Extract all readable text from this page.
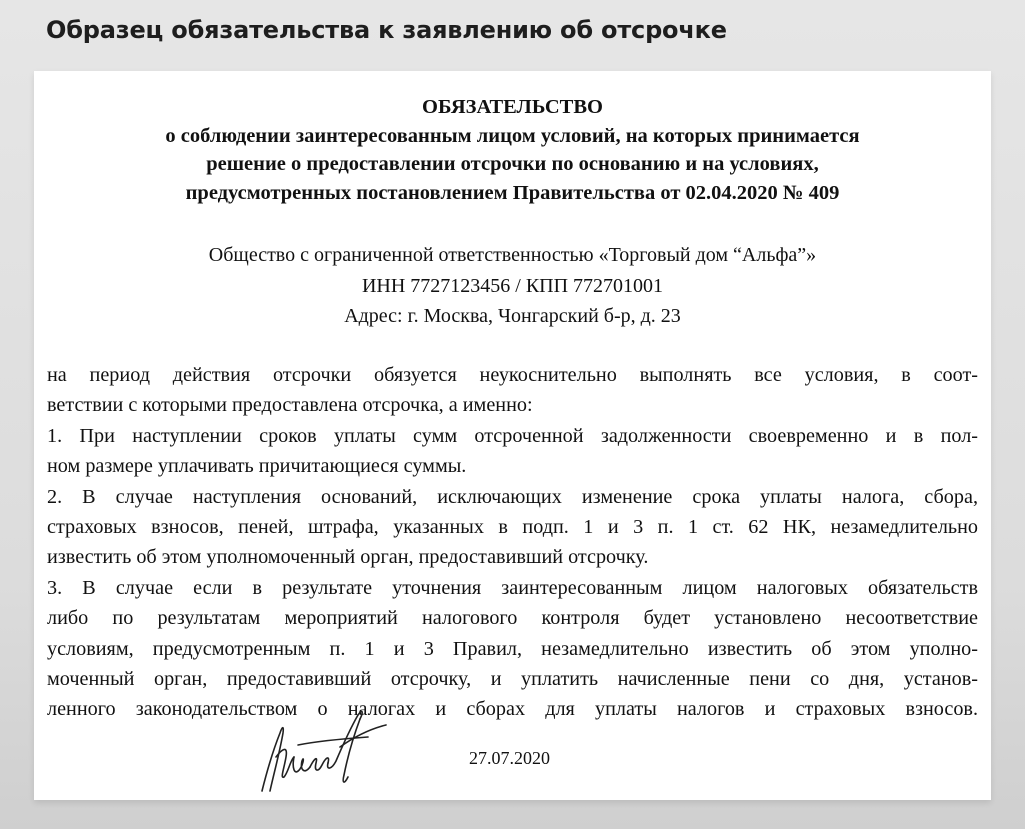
Образец обязательства к заявлению об отсрочке
ОБЯЗАТЕЛЬСТВО
о соблюдении заинтересованным лицом условий, на которых принимается
решение о предоставлении отсрочки по основанию и на условиях,
предусмотренных постановлением Правительства от 02.04.2020 № 409
Общество с ограниченной ответственностью «Торговый дом “Альфа”»
ИНН 7727123456 / КПП 772701001
Адрес: г. Москва, Чонгарский б-р, д. 23
на период действия отсрочки обязуется неукоснительно выполнять все условия, в соот-
ветствии с которыми предоставлена отсрочка, а именно:
1. При наступлении сроков уплаты сумм отсроченной задолженности своевременно и в пол-
ном размере уплачивать причитающиеся суммы.
2. В случае наступления оснований, исключающих изменение срока уплаты налога, сбора,
страховых взносов, пеней, штрафа, указанных в подп. 1 и 3 п. 1 ст. 62 НК, незамедлительно
известить об этом уполномоченный орган, предоставивший отсрочку.
3. В случае если в результате уточнения заинтересованным лицом налоговых обязательств
либо по результатам мероприятий налогового контроля будет установлено несоответствие
условиям, предусмотренным п. 1 и 3 Правил, незамедлительно известить об этом уполно-
моченный орган, предоставивший отсрочку, и уплатить начисленные пени со дня, установ-
ленного законодательством о налогах и сборах для уплаты налогов и страховых взносов.
27.07.2020
